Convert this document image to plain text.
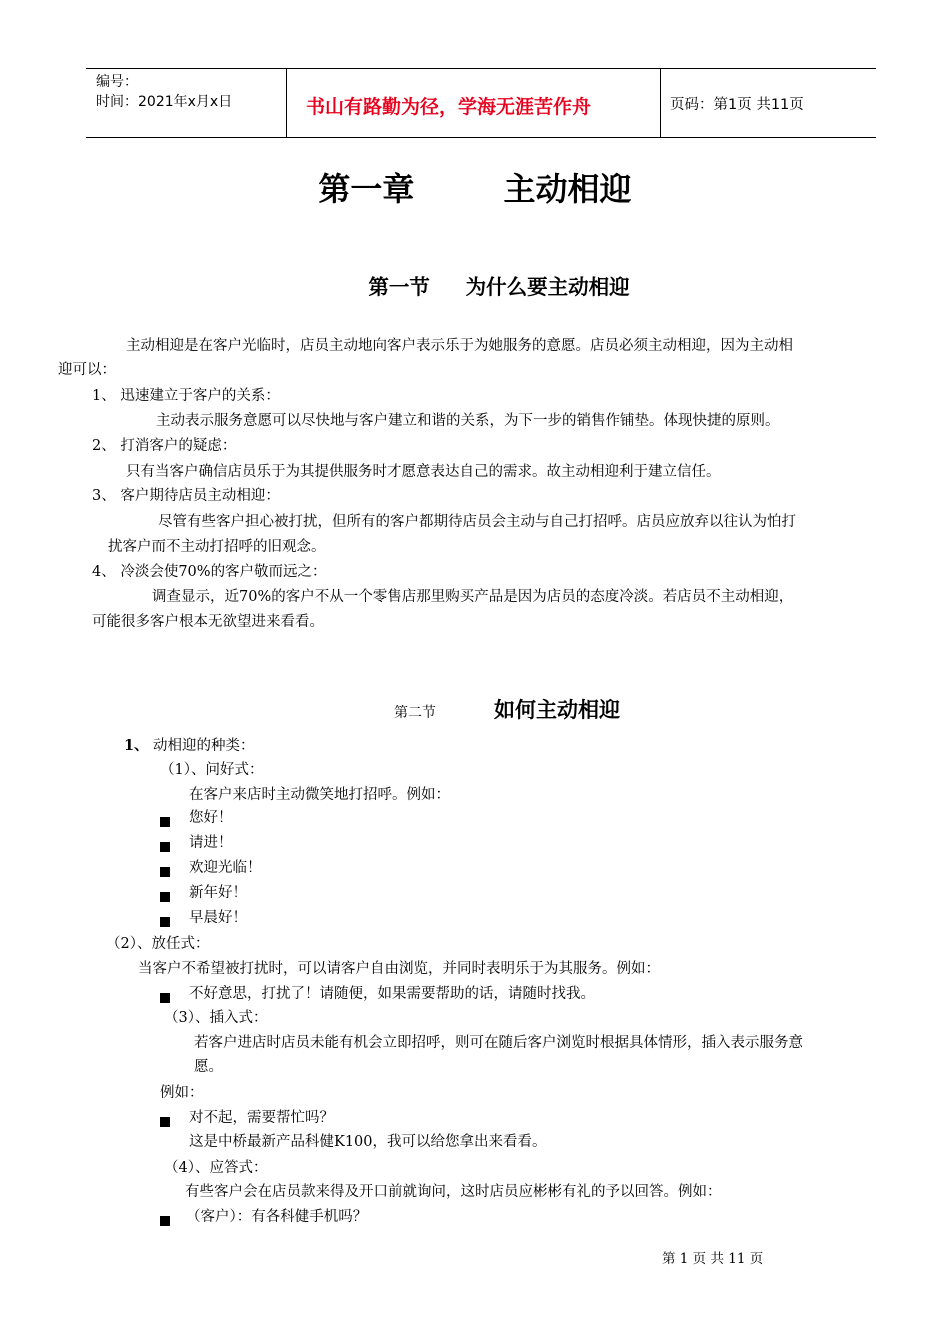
编号：
时间：2021年x月x日	书山有路勤为径，学海无涯苦作舟	页码：第1页 共11页
第一章        主动相迎
第一节     为什么要主动相迎
主动相迎是在客户光临时，店员主动地向客户表示乐于为她服务的意愿。店员必须主动相迎，因为主动相
迎可以：
1、 迅速建立于客户的关系：
主动表示服务意愿可以尽快地与客户建立和谐的关系，为下一步的销售作铺垫。体现快捷的原则。
2、 打消客户的疑虑：
只有当客户确信店员乐于为其提供服务时才愿意表达自己的需求。故主动相迎利于建立信任。
3、 客户期待店员主动相迎：
尽管有些客户担心被打扰，但所有的客户都期待店员会主动与自己打招呼。店员应放弃以往认为怕打
扰客户而不主动打招呼的旧观念。
4、 冷淡会使70%的客户敬而远之：
调查显示，近70%的客户不从一个零售店那里购买产品是因为店员的态度冷淡。若店员不主动相迎，
可能很多客户根本无欲望进来看看。
第二节	如何主动相迎
1、 动相迎的种类：
（1）、问好式：
在客户来店时主动微笑地打招呼。例如：
您好！
请进！
欢迎光临！
新年好！
早晨好！
（2）、放任式：
当客户不希望被打扰时，可以请客户自由浏览，并同时表明乐于为其服务。例如：
不好意思，打扰了！请随便，如果需要帮助的话，请随时找我。
（3）、插入式：
若客户进店时店员未能有机会立即招呼，则可在随后客户浏览时根据具体情形，插入表示服务意
愿。
例如：
对不起，需要帮忙吗？
这是中桥最新产品科健K100，我可以给您拿出来看看。
（4）、应答式：
有些客户会在店员款来得及开口前就询问，这时店员应彬彬有礼的予以回答。例如：
（客户）：有各科健手机吗？
第 1 页 共 11 页
